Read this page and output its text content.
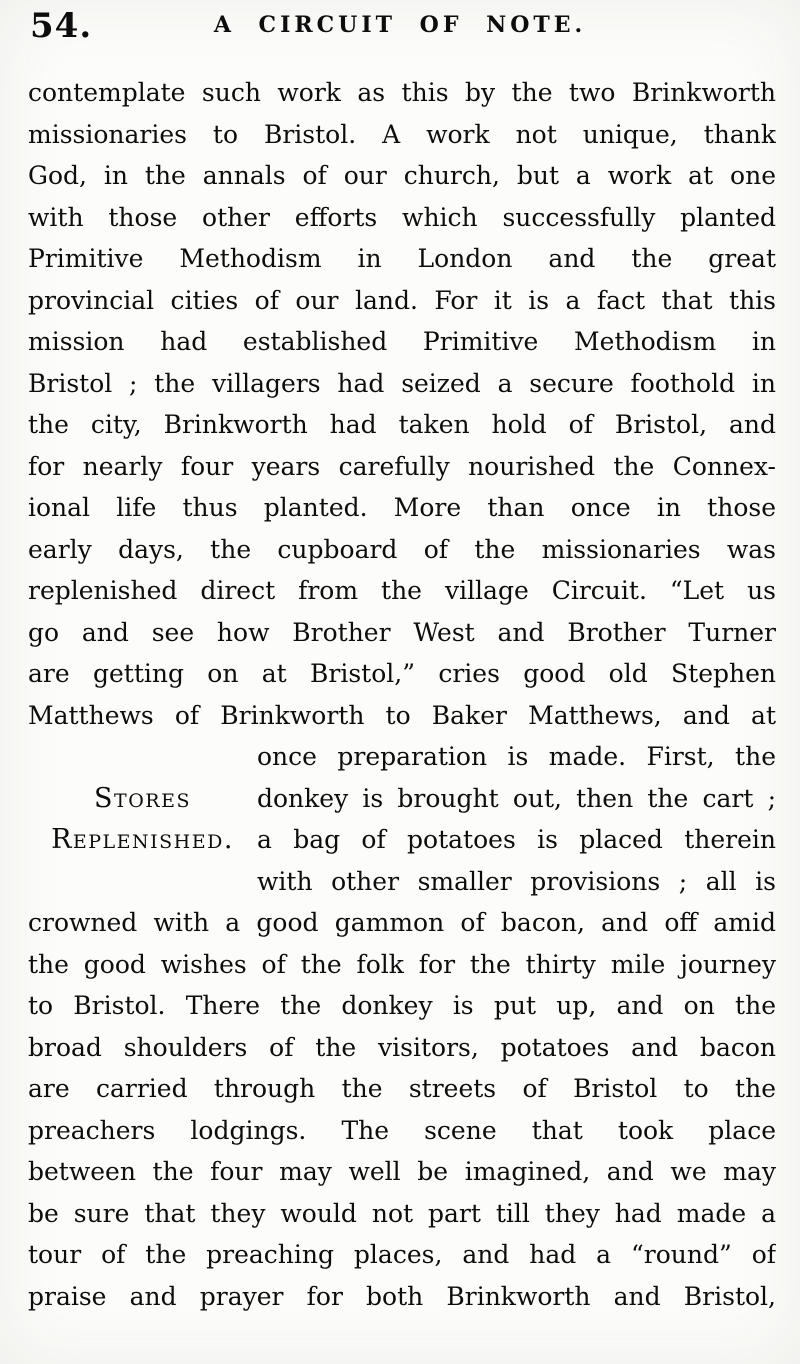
54.	A CIRCUIT OF NOTE.
contemplate such work as this by the two Brinkworth
missionaries to Bristol. A work not unique, thank
God, in the annals of our church, but a work at one
with those other efforts which successfully planted
Primitive Methodism in London and the great
provincial cities of our land. For it is a fact that this
mission had established Primitive Methodism in
Bristol ; the villagers had seized a secure foothold in
the city, Brinkworth had taken hold of Bristol, and
for nearly four years carefully nourished the Connex-
ional life thus planted. More than once in those
early days, the cupboard of the missionaries was
replenished direct from the village Circuit. “Let us
go and see how Brother West and Brother Turner
are getting on at Bristol,” cries good old Stephen
Matthews of Brinkworth to Baker Matthews, and at
Stores
Replenished.
once preparation is made. First, the
donkey is brought out, then the cart ;
a bag of potatoes is placed therein
with other smaller provisions ; all is
crowned with a good gammon of bacon, and off amid
the good wishes of the folk for the thirty mile journey
to Bristol. There the donkey is put up, and on the
broad shoulders of the visitors, potatoes and bacon
are carried through the streets of Bristol to the
preachers lodgings. The scene that took place
between the four may well be imagined, and we may
be sure that they would not part till they had made a
tour of the preaching places, and had a “round” of
praise and prayer for both Brinkworth and Bristol,
